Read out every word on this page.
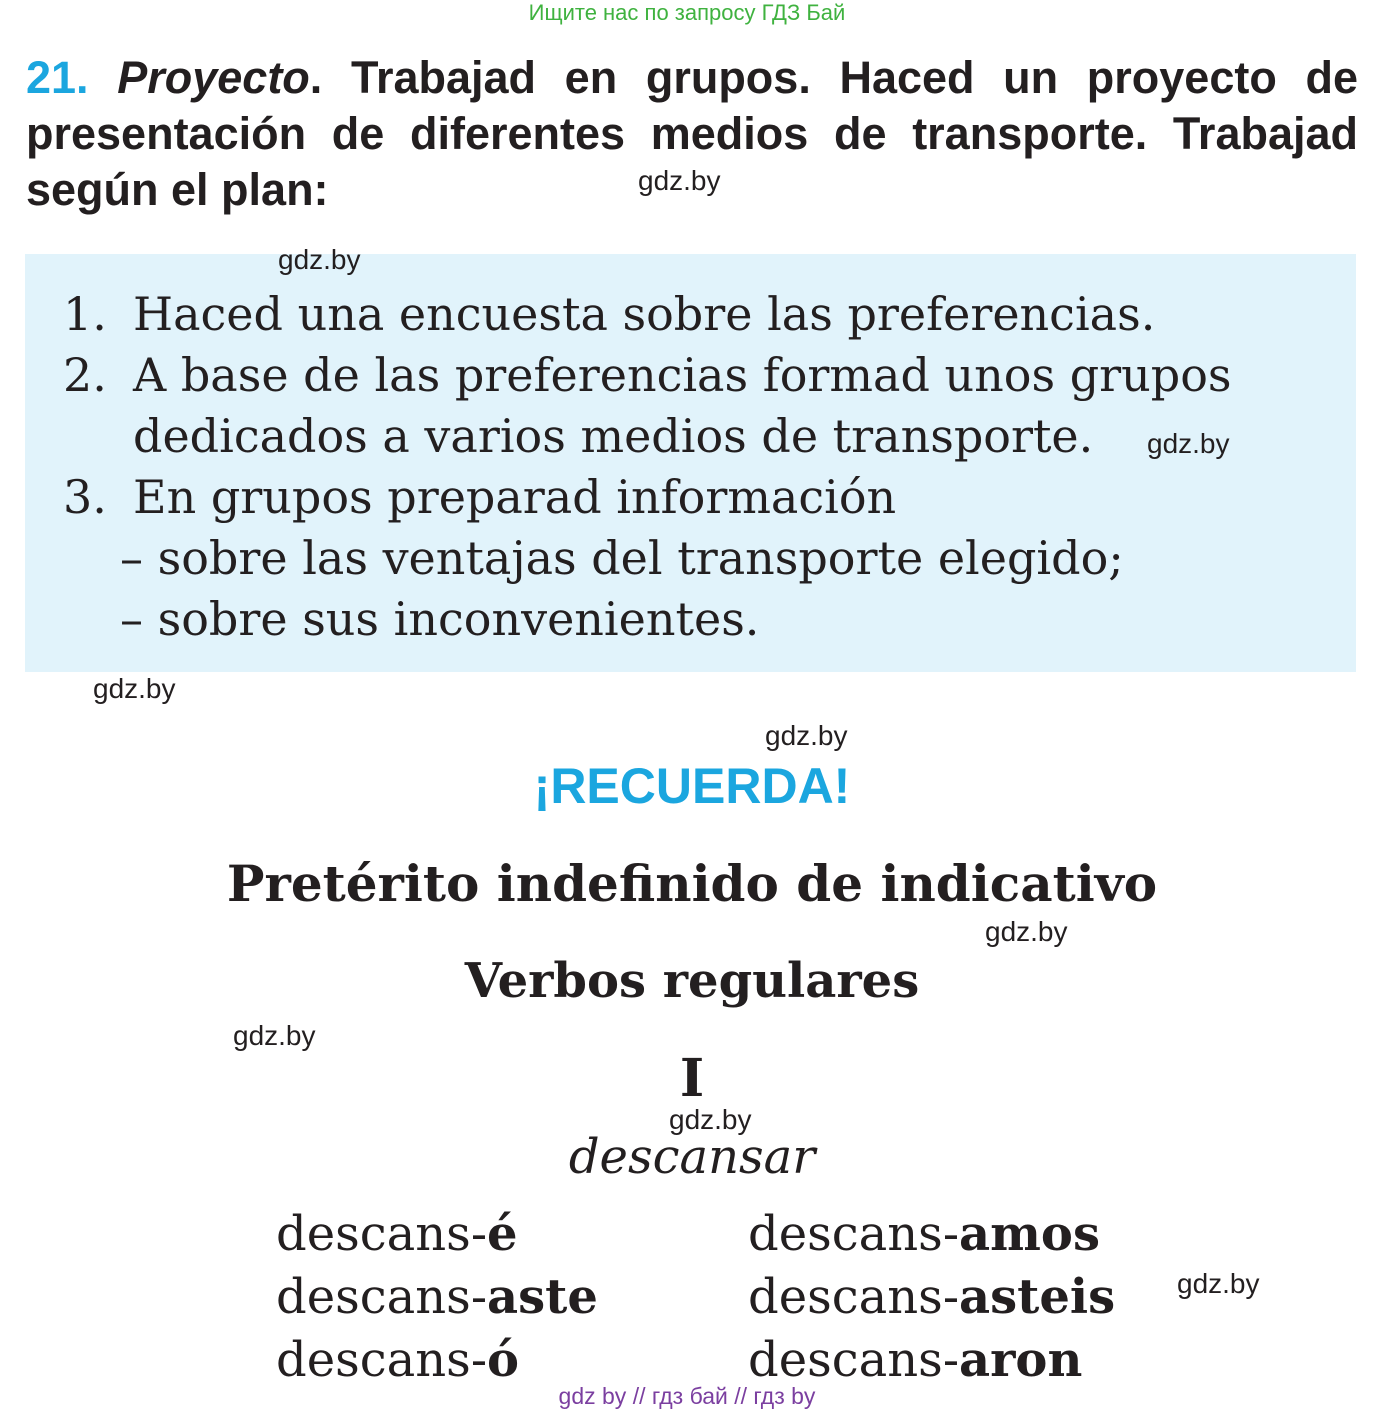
Ищите нас по запросу ГДЗ Бай
21. Proyecto. Trabajad en grupos. Haced un proyecto de presentación de diferentes medios de transporte. Trabajad según el plan:	gdz.by
gdz.by
1. Haced una encuesta sobre las preferencias.
2. A base de las preferencias formad unos grupos
dedicados a varios medios de transporte. gdz.by
3. En grupos preparad información
– sobre las ventajas del transporte elegido;
– sobre sus inconvenientes.
gdz.by
gdz.by
¡RECUERDA!
Pretérito indefinido de indicativo
gdz.by
Verbos regulares
gdz.by
I
gdz.by
descansar
descans-é
descans-aste
descans-ó
descans-amos
descans-asteis
descans-aron
gdz.by
gdz by // гдз бай // гдз by
